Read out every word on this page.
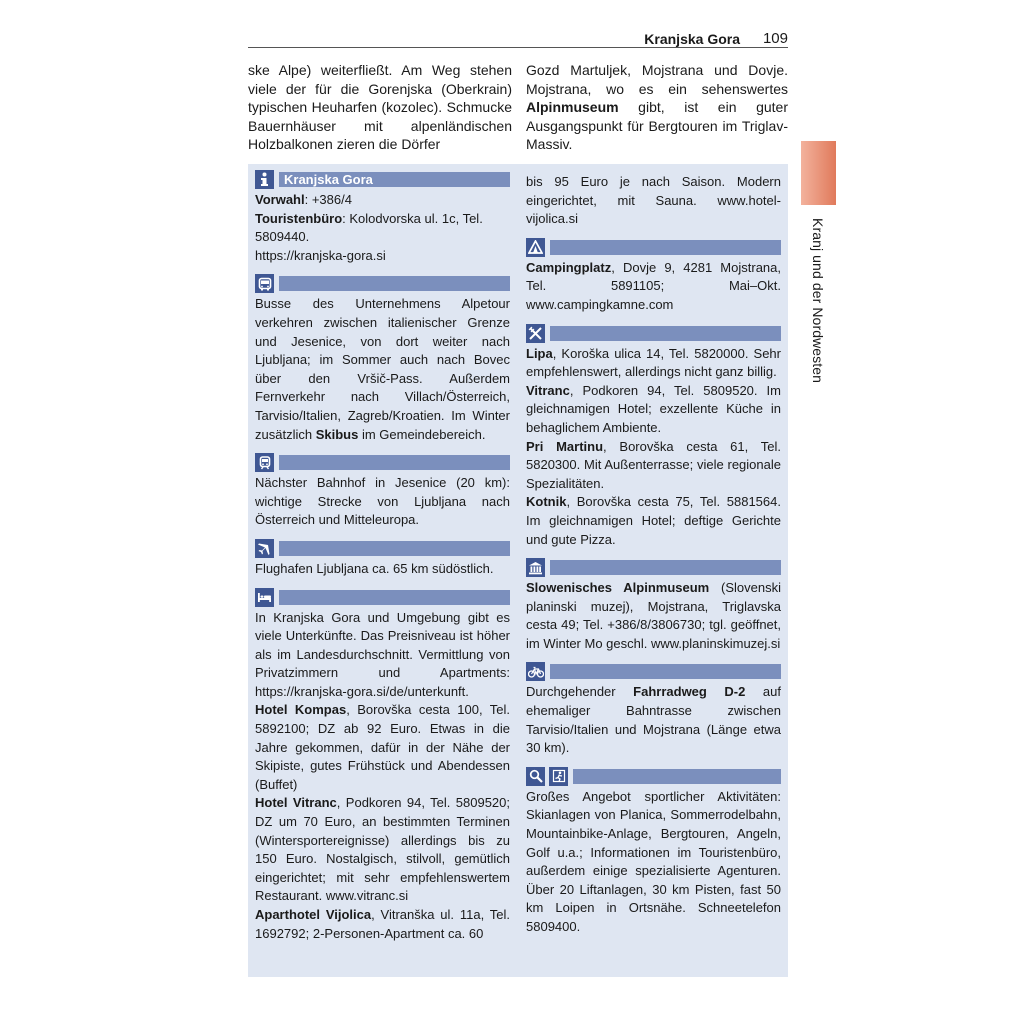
Kranjska Gora 109
ske Alpe) weiterfließt. Am Weg stehen viele der für die Gorenjska (Oberkrain) typischen Heuharfen (kozolec). Schmucke Bauernhäuser mit alpenländischen Holzbalkonen zieren die Dörfer
Gozd Martuljek, Mojstrana und Dovje. Mojstrana, wo es ein sehenswertes Alpinmuseum gibt, ist ein guter Ausgangspunkt für Bergtouren im Triglav-Massiv.
Kranjska Gora
Vorwahl: +386/4
Touristenbüro: Kolodvorska ul. 1c, Tel. 5809440.
https://kranjska-gora.si
Busse des Unternehmens Alpetour verkehren zwischen italienischer Grenze und Jesenice, von dort weiter nach Ljubljana; im Sommer auch nach Bovec über den Vršič-Pass. Außerdem Fernverkehr nach Villach/Österreich, Tarvisio/Italien, Zagreb/Kroatien. Im Winter zusätzlich Skibus im Gemeindebereich.
Nächster Bahnhof in Jesenice (20 km): wichtige Strecke von Ljubljana nach Österreich und Mitteleuropa.
Flughafen Ljubljana ca. 65 km südöstlich.
In Kranjska Gora und Umgebung gibt es viele Unterkünfte. Das Preisniveau ist höher als im Landesdurchschnitt. Vermittlung von Privatzimmern und Apartments: https://kranjska-gora.si/de/unterkunft.
Hotel Kompas, Borovška cesta 100, Tel. 5892100; DZ ab 92 Euro. Etwas in die Jahre gekommen, dafür in der Nähe der Skipiste, gutes Frühstück und Abendessen (Buffet)
Hotel Vitranc, Podkoren 94, Tel. 5809520; DZ um 70 Euro, an bestimmten Terminen (Wintersportereignisse) allerdings bis zu 150 Euro. Nostalgisch, stilvoll, gemütlich eingerichtet; mit sehr empfehlenswertem Restaurant. www.vitranc.si
Aparthotel Vijolica, Vitranška ul. 11a, Tel. 1692792; 2-Personen-Apartment ca. 60
bis 95 Euro je nach Saison. Modern eingerichtet, mit Sauna. www.hotel-vijolica.si
Campingplatz, Dovje 9, 4281 Mojstrana, Tel. 5891105; Mai–Okt. www.campingkamne.com
Lipa, Koroška ulica 14, Tel. 5820000. Sehr empfehlenswert, allerdings nicht ganz billig.
Vitranc, Podkoren 94, Tel. 5809520. Im gleichnamigen Hotel; exzellente Küche in behaglichem Ambiente.
Pri Martinu, Borovška cesta 61, Tel. 5820300. Mit Außenterrasse; viele regionale Spezialitäten.
Kotnik, Borovška cesta 75, Tel. 5881564. Im gleichnamigen Hotel; deftige Gerichte und gute Pizza.
Slowenisches Alpinmuseum (Slovenski planinski muzej), Mojstrana, Triglavska cesta 49; Tel. +386/8/3806730; tgl. geöffnet, im Winter Mo geschl. www.planinskimuzej.si
Durchgehender Fahrradweg D-2 auf ehemaliger Bahntrasse zwischen Tarvisio/Italien und Mojstrana (Länge etwa 30 km).
Großes Angebot sportlicher Aktivitäten: Skianlagen von Planica, Sommerrodelbahn, Mountainbike-Anlage, Bergtouren, Angeln, Golf u.a.; Informationen im Touristenbüro, außerdem einige spezialisierte Agenturen. Über 20 Liftanlagen, 30 km Pisten, fast 50 km Loipen in Ortsnähe. Schneetelefon 5809400.
Kranj und der Nordwesten
